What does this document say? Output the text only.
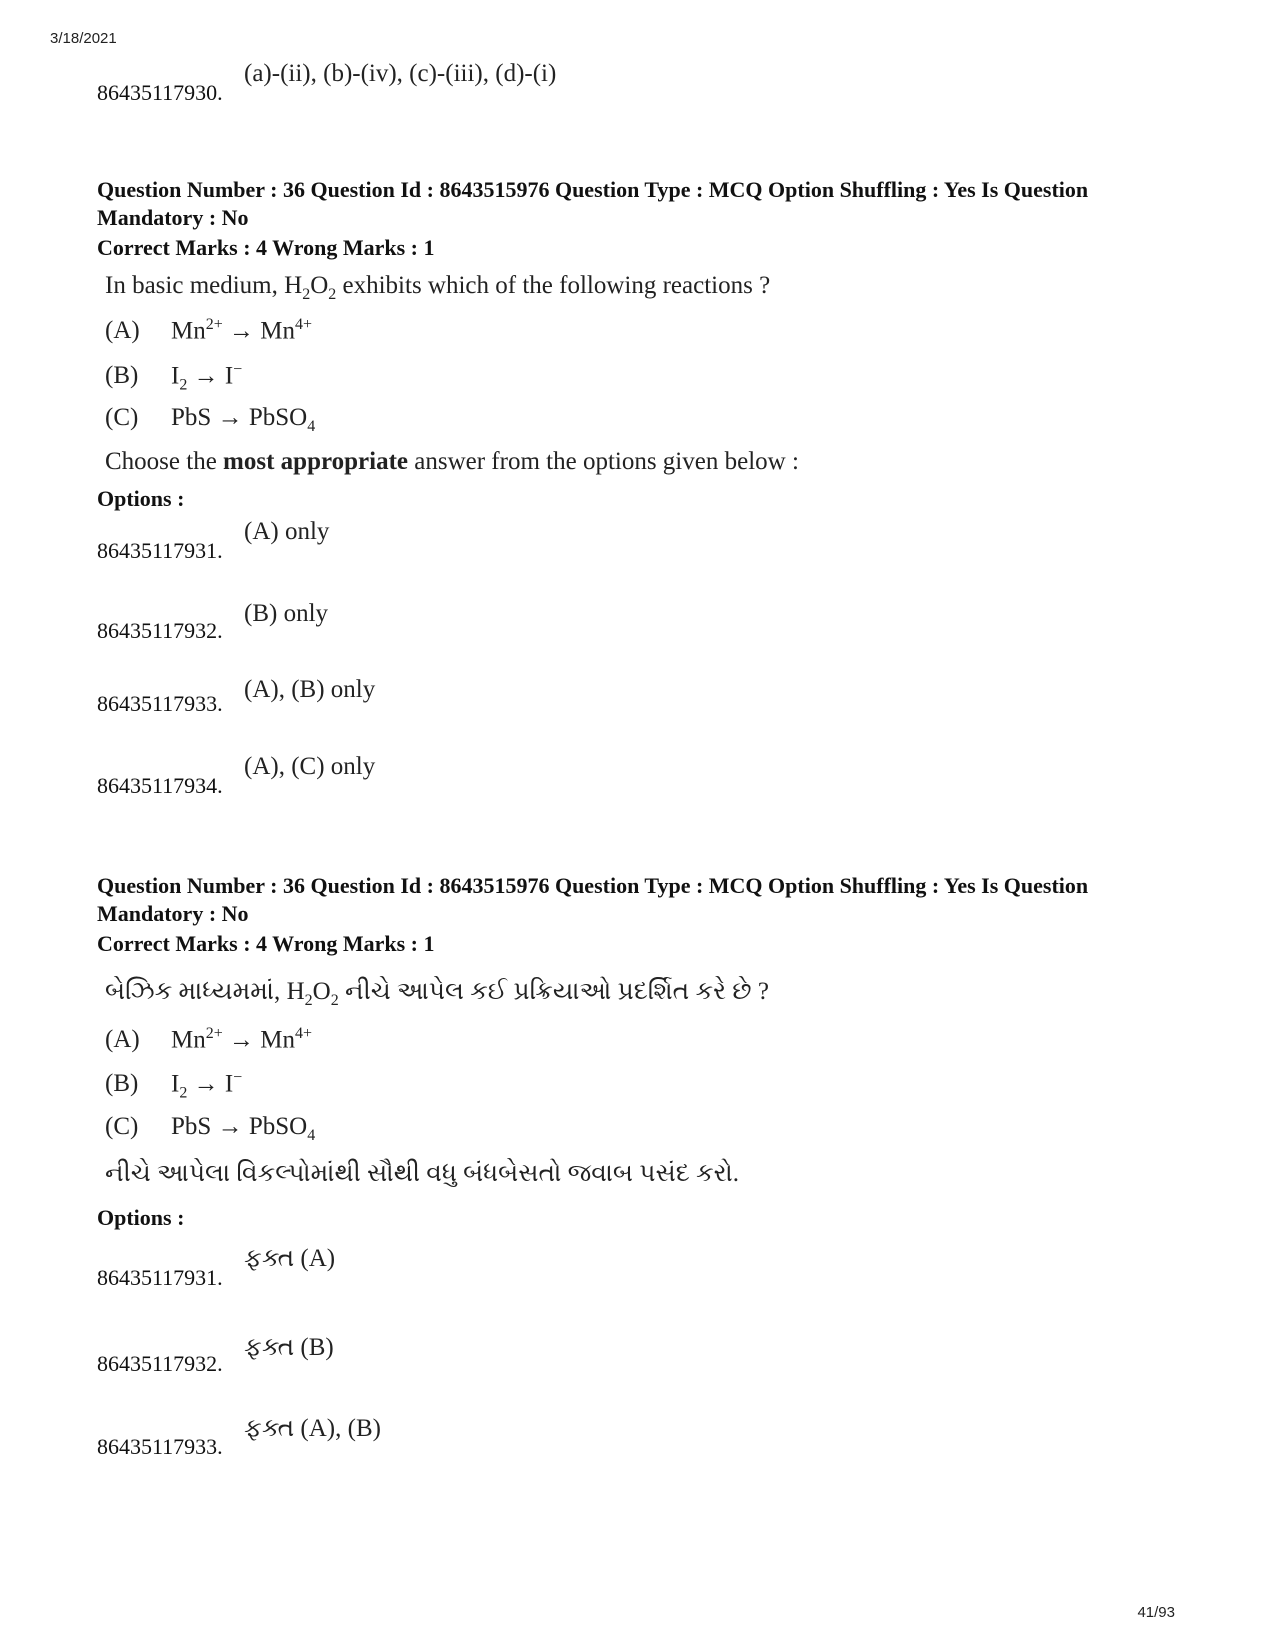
3/18/2021
86435117930.
(a)-(ii), (b)-(iv), (c)-(iii), (d)-(i)
Question Number : 36 Question Id : 8643515976 Question Type : MCQ Option Shuffling : Yes Is Question Mandatory : No
Correct Marks : 4 Wrong Marks : 1
In basic medium, $H_2O_2$ exhibits which of the following reactions ?
(A) $Mn^{2+} \to Mn^{4+}$
(B) $I_2 \to I^-$
(C) PbS → PbSO$_4$
Choose the most appropriate answer from the options given below :
Options :
86435117931.
(A) only
86435117932.
(B) only
86435117933.
(A), (B) only
86435117934.
(A), (C) only
Question Number : 36 Question Id : 8643515976 Question Type : MCQ Option Shuffling : Yes Is Question Mandatory : No
Correct Marks : 4 Wrong Marks : 1
બેઝિક માધ્યમમાં, $H_2O_2$ નીચે આપેલ કઈ પ્રક્રિયાઓ પ્રદર્શિત કરે છે ?
(A) $Mn^{2+} \to Mn^{4+}$
(B) $I_2 \to I^-$
(C) PbS → PbSO$_4$
નીચે આપેલા વિકલ્પોમાંથી સૌથી વધુ બંધબેસતો જવાબ પસંદ કરો.
Options :
86435117931.
ફક્ત (A)
86435117932.
ફક્ત (B)
86435117933.
ફક્ત (A), (B)
41/93
